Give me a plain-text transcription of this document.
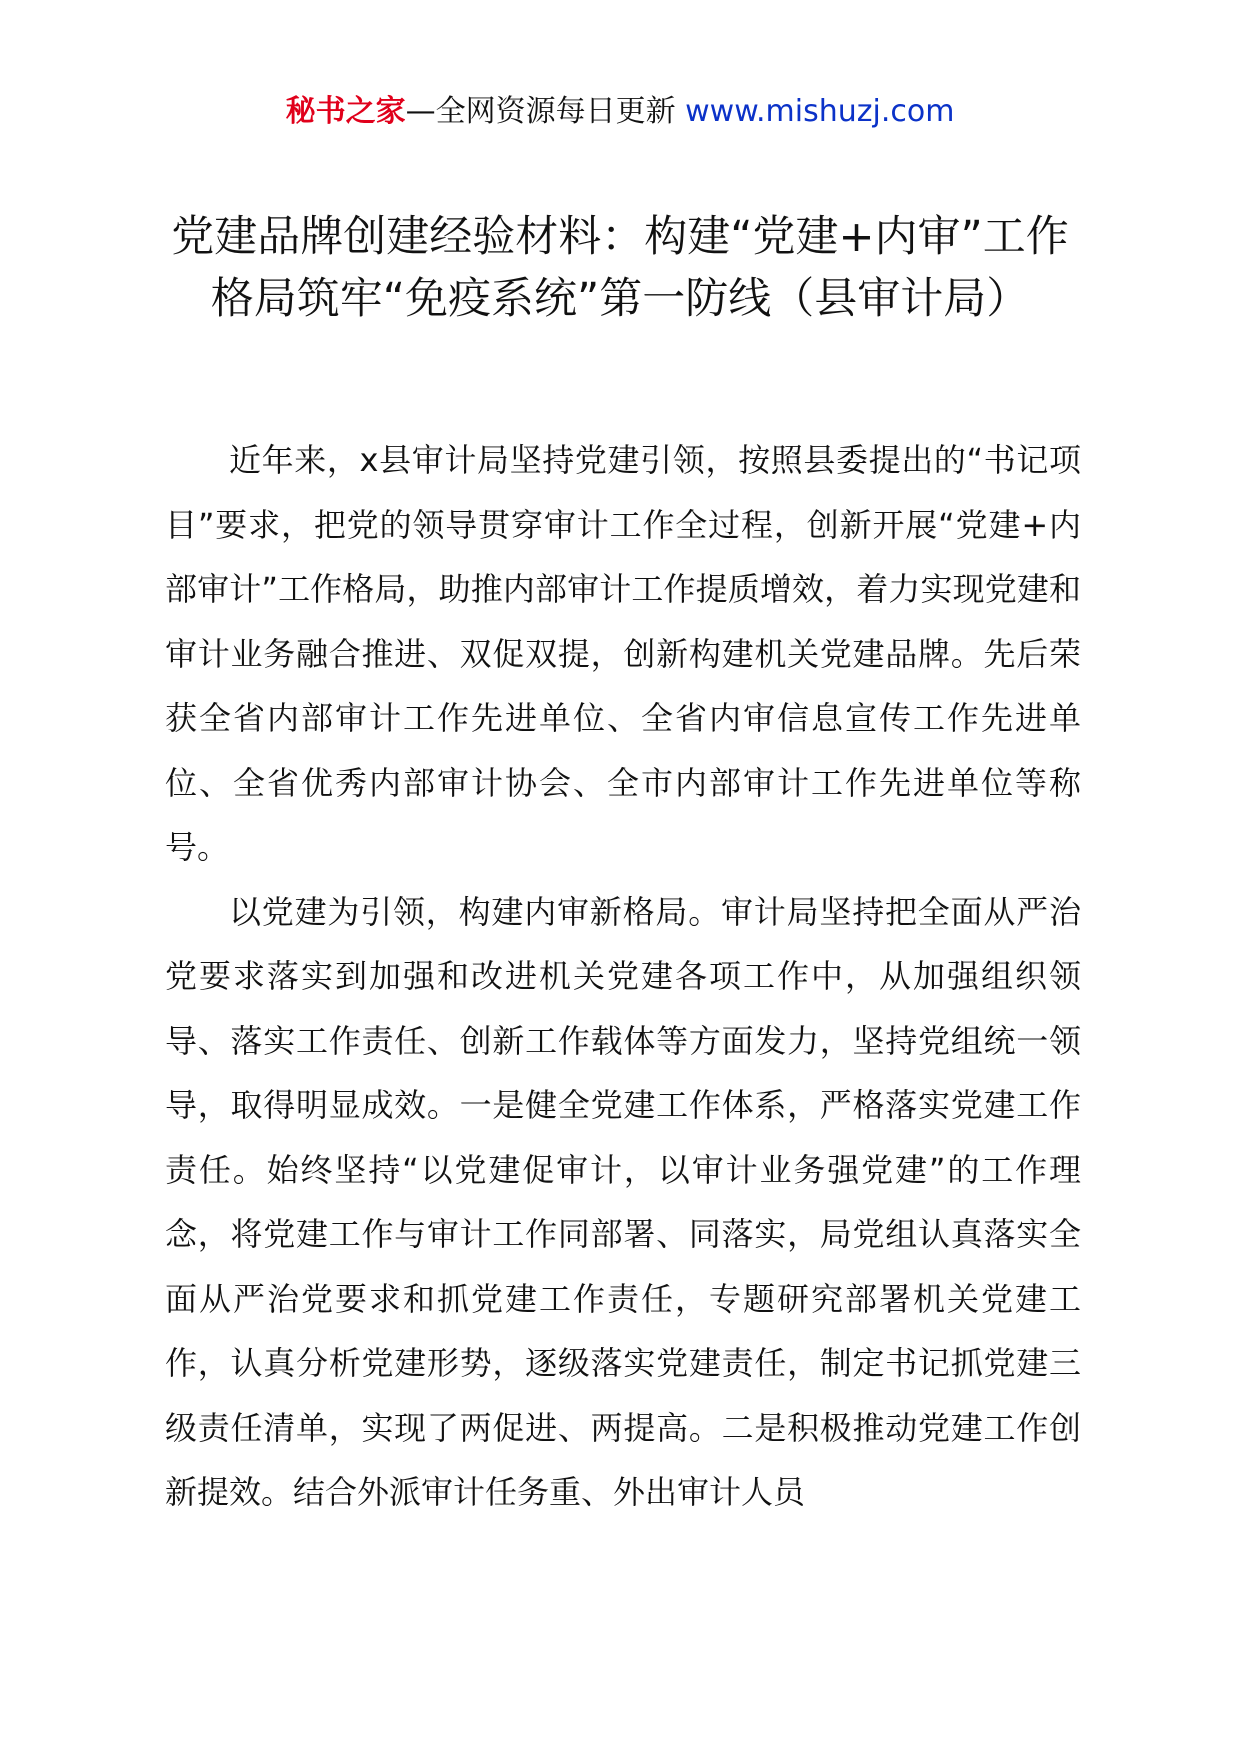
秘书之家—全网资源每日更新 www.mishuzj.com
党建品牌创建经验材料：构建“党建+内审”工作格局筑牢“免疫系统”第一防线（县审计局）

近年来，x县审计局坚持党建引领，按照县委提出的“书记项目”要求，把党的领导贯穿审计工作全过程，创新开展“党建+内部审计”工作格局，助推内部审计工作提质增效，着力实现党建和审计业务融合推进、双促双提，创新构建机关党建品牌。先后荣获全省内部审计工作先进单位、全省内审信息宣传工作先进单位、全省优秀内部审计协会、全市内部审计工作先进单位等称号。

以党建为引领，构建内审新格局。审计局坚持把全面从严治党要求落实到加强和改进机关党建各项工作中，从加强组织领导、落实工作责任、创新工作载体等方面发力，坚持党组统一领导，取得明显成效。一是健全党建工作体系，严格落实党建工作责任。始终坚持“以党建促审计，以审计业务强党建”的工作理念，将党建工作与审计工作同部署、同落实，局党组认真落实全面从严治党要求和抓党建工作责任，专题研究部署机关党建工作，认真分析党建形势，逐级落实党建责任，制定书记抓党建三级责任清单，实现了两促进、两提高。二是积极推动党建工作创新提效。结合外派审计任务重、外出审计人员
